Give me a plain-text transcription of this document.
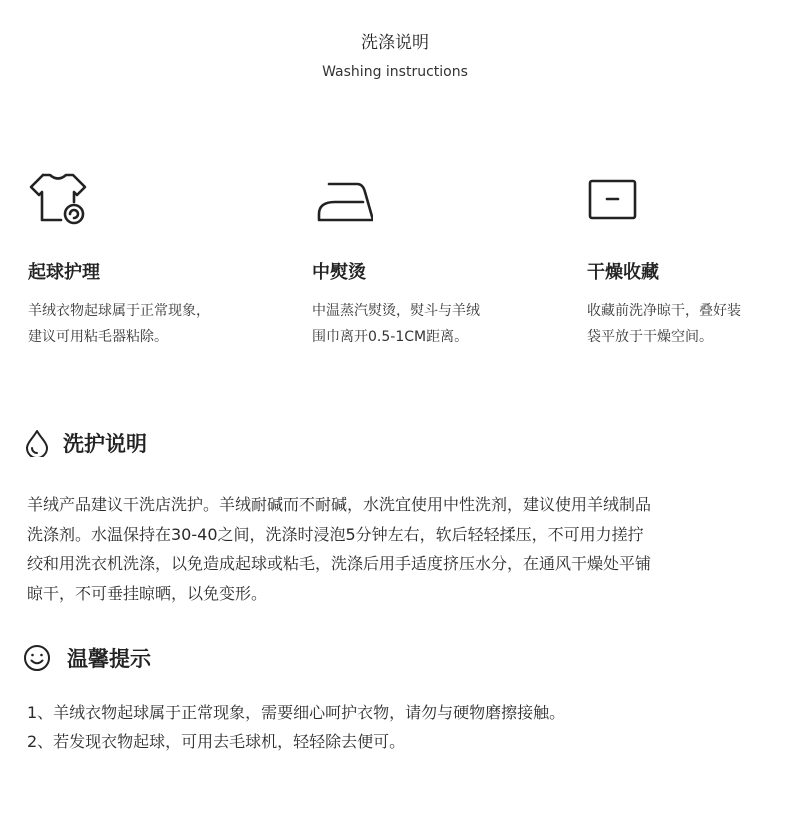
洗涤说明
Washing instructions
起球护理
羊绒衣物起球属于正常现象，
建议可用粘毛器粘除。
中熨烫
中温蒸汽熨烫，熨斗与羊绒
围巾离开0.5-1CM距离。
干燥收藏
收藏前洗净晾干，叠好装
袋平放于干燥空间。
洗护说明
羊绒产品建议干洗店洗护。羊绒耐碱而不耐碱，水洗宜使用中性洗剂，建议使用羊绒制品
洗涤剂。水温保持在30-40之间，洗涤时浸泡5分钟左右，软后轻轻揉压，不可用力搓拧
绞和用洗衣机洗涤，以免造成起球或粘毛，洗涤后用手适度挤压水分，在通风干燥处平铺
晾干，不可垂挂晾晒，以免变形。
温馨提示
1、羊绒衣物起球属于正常现象，需要细心呵护衣物，请勿与硬物磨擦接触。
2、若发现衣物起球，可用去毛球机，轻轻除去便可。
